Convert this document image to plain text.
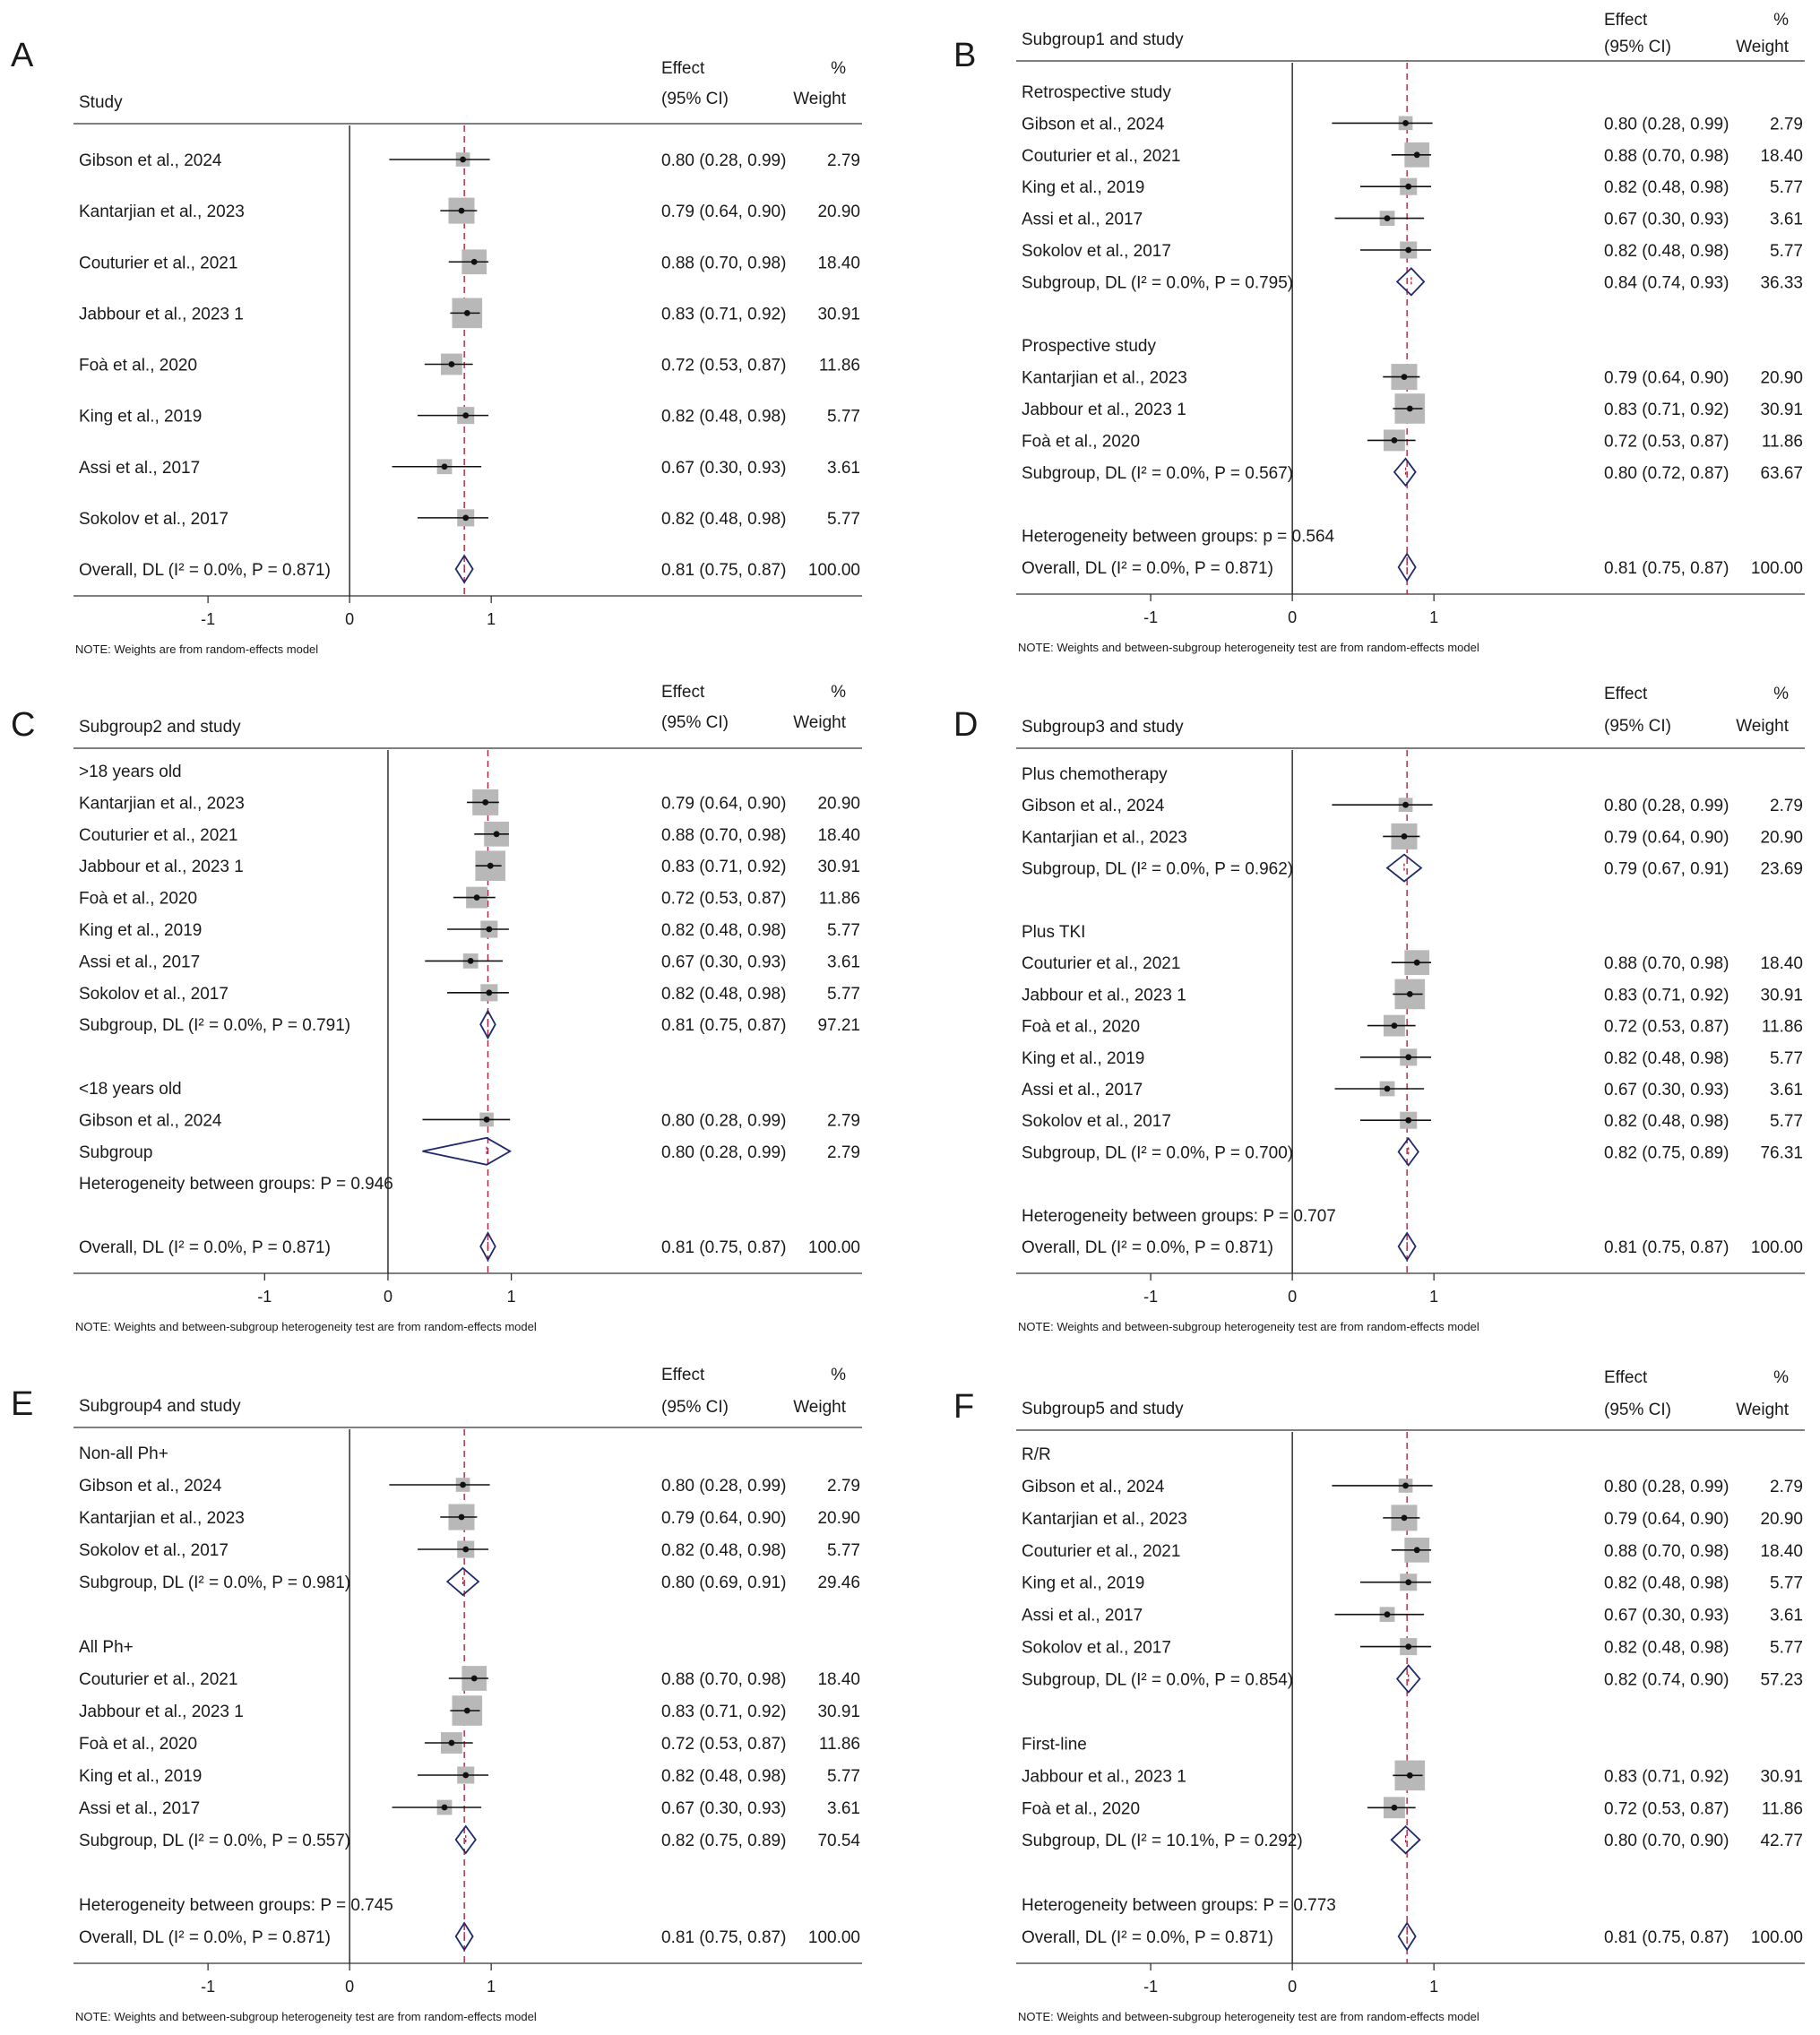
A
Study
Effect
(95% CI)
%
Weight
-1	0	1
NOTE: Weights are from random-effects model
Gibson et al., 2024	0.80 (0.28, 0.99) 2.79
Kantarjian et al., 2023	0.79 (0.64, 0.90) 20.90
Couturier et al., 2021	0.88 (0.70, 0.98) 18.40
Jabbour et al., 2023 1	0.83 (0.71, 0.92) 30.91
Foà et al., 2020	0.72 (0.53, 0.87) 11.86
King et al., 2019	0.82 (0.48, 0.98) 5.77
Assi et al., 2017	0.67 (0.30, 0.93) 3.61
Sokolov et al., 2017	0.82 (0.48, 0.98) 5.77
Overall, DL (I² = 0.0%, P = 0.871)	0.81 (0.75, 0.87) 100.00
B	Subgroup1 and study
Effect
(95% CI)
%
Weight
-1	0	1
NOTE: Weights and between-subgroup heterogeneity test are from random-effects model
Retrospective study
Gibson et al., 2024	0.80 (0.28, 0.99) 2.79
Couturier et al., 2021	0.88 (0.70, 0.98) 18.40
King et al., 2019	0.82 (0.48, 0.98) 5.77
Assi et al., 2017	0.67 (0.30, 0.93) 3.61
Sokolov et al., 2017	0.82 (0.48, 0.98) 5.77
Subgroup, DL (I² = 0.0%, P = 0.795)	0.84 (0.74, 0.93) 36.33
Prospective study
Kantarjian et al., 2023	0.79 (0.64, 0.90) 20.90
Jabbour et al., 2023 1	0.83 (0.71, 0.92) 30.91
Foà et al., 2020	0.72 (0.53, 0.87) 11.86
Subgroup, DL (I² = 0.0%, P = 0.567)	0.80 (0.72, 0.87) 63.67
Heterogeneity between groups: p = 0.564
Overall, DL (I² = 0.0%, P = 0.871)	0.81 (0.75, 0.87) 100.00
C	Subgroup2 and study
Effect
(95% CI)
%
Weight
-1	0	1
NOTE: Weights and between-subgroup heterogeneity test are from random-effects model
>18 years old
Kantarjian et al., 2023	0.79 (0.64, 0.90) 20.90
Couturier et al., 2021	0.88 (0.70, 0.98) 18.40
Jabbour et al., 2023 1	0.83 (0.71, 0.92) 30.91
Foà et al., 2020	0.72 (0.53, 0.87) 11.86
King et al., 2019	0.82 (0.48, 0.98) 5.77
Assi et al., 2017	0.67 (0.30, 0.93) 3.61
Sokolov et al., 2017	0.82 (0.48, 0.98) 5.77
Subgroup, DL (I² = 0.0%, P = 0.791)	0.81 (0.75, 0.87) 97.21
<18 years old
Gibson et al., 2024	0.80 (0.28, 0.99) 2.79
Subgroup	0.80 (0.28, 0.99) 2.79
Heterogeneity between groups: P = 0.946
Overall, DL (I² = 0.0%, P = 0.871)	0.81 (0.75, 0.87) 100.00
D	Subgroup3 and study
Effect
(95% CI)
%
Weight
-1	0	1
NOTE: Weights and between-subgroup heterogeneity test are from random-effects model
Plus chemotherapy
Gibson et al., 2024	0.80 (0.28, 0.99) 2.79
Kantarjian et al., 2023	0.79 (0.64, 0.90) 20.90
Subgroup, DL (I² = 0.0%, P = 0.962)	0.79 (0.67, 0.91) 23.69
Plus TKI
Couturier et al., 2021	0.88 (0.70, 0.98) 18.40
Jabbour et al., 2023 1	0.83 (0.71, 0.92) 30.91
Foà et al., 2020	0.72 (0.53, 0.87) 11.86
King et al., 2019	0.82 (0.48, 0.98) 5.77
Assi et al., 2017	0.67 (0.30, 0.93) 3.61
Sokolov et al., 2017	0.82 (0.48, 0.98) 5.77
Subgroup, DL (I² = 0.0%, P = 0.700)	0.82 (0.75, 0.89) 76.31
Heterogeneity between groups: P = 0.707
Overall, DL (I² = 0.0%, P = 0.871)	0.81 (0.75, 0.87) 100.00
E	Subgroup4 and study
Effect
(95% CI)
%
Weight
-1	0	1
NOTE: Weights and between-subgroup heterogeneity test are from random-effects model
Non-all Ph+
Gibson et al., 2024	0.80 (0.28, 0.99) 2.79
Kantarjian et al., 2023	0.79 (0.64, 0.90) 20.90
Sokolov et al., 2017	0.82 (0.48, 0.98) 5.77
Subgroup, DL (I² = 0.0%, P = 0.981)	0.80 (0.69, 0.91) 29.46
All Ph+
Couturier et al., 2021	0.88 (0.70, 0.98) 18.40
Jabbour et al., 2023 1	0.83 (0.71, 0.92) 30.91
Foà et al., 2020	0.72 (0.53, 0.87) 11.86
King et al., 2019	0.82 (0.48, 0.98) 5.77
Assi et al., 2017	0.67 (0.30, 0.93) 3.61
Subgroup, DL (I² = 0.0%, P = 0.557)	0.82 (0.75, 0.89) 70.54
Heterogeneity between groups: P = 0.745
Overall, DL (I² = 0.0%, P = 0.871)	0.81 (0.75, 0.87) 100.00
F	Subgroup5 and study
Effect
(95% CI)
%
Weight
-1	0	1
NOTE: Weights and between-subgroup heterogeneity test are from random-effects model
R/R
Gibson et al., 2024	0.80 (0.28, 0.99) 2.79
Kantarjian et al., 2023	0.79 (0.64, 0.90) 20.90
Couturier et al., 2021	0.88 (0.70, 0.98) 18.40
King et al., 2019	0.82 (0.48, 0.98) 5.77
Assi et al., 2017	0.67 (0.30, 0.93) 3.61
Sokolov et al., 2017	0.82 (0.48, 0.98) 5.77
Subgroup, DL (I² = 0.0%, P = 0.854)	0.82 (0.74, 0.90) 57.23
First-line
Jabbour et al., 2023 1	0.83 (0.71, 0.92) 30.91
Foà et al., 2020	0.72 (0.53, 0.87) 11.86
Subgroup, DL (I² = 10.1%, P = 0.292)	0.80 (0.70, 0.90) 42.77
Heterogeneity between groups: P = 0.773
Overall, DL (I² = 0.0%, P = 0.871)	0.81 (0.75, 0.87) 100.00
